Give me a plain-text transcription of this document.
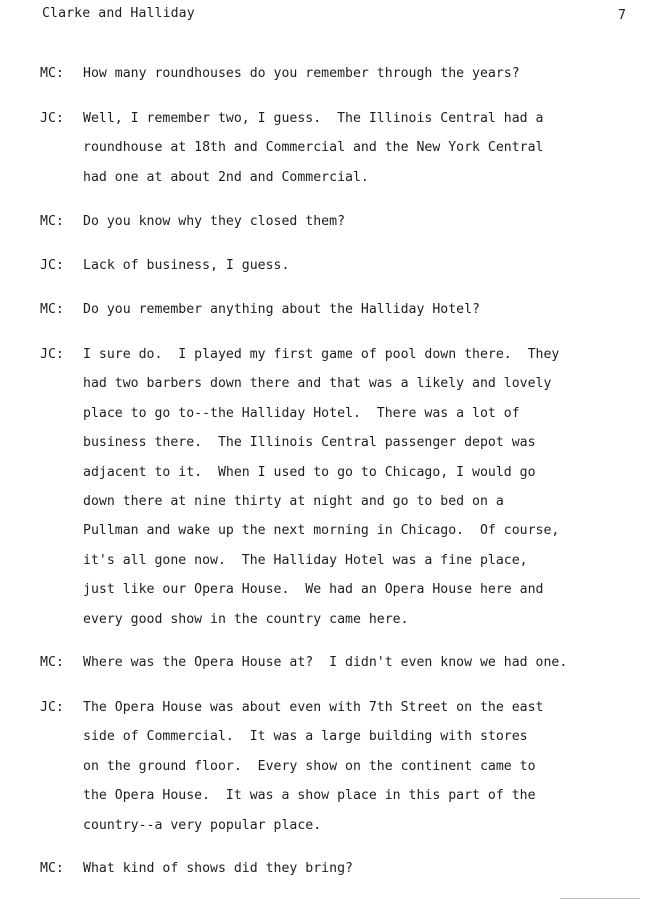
Clarke and Halliday	7
MC: How many roundhouses do you remember through the years?
JC: Well, I remember two, I guess.  The Illinois Central had a
roundhouse at 18th and Commercial and the New York Central
had one at about 2nd and Commercial.
MC: Do you know why they closed them?
JC: Lack of business, I guess.
MC: Do you remember anything about the Halliday Hotel?
JC: I sure do.  I played my first game of pool down there.  They
had two barbers down there and that was a likely and lovely
place to go to--the Halliday Hotel.  There was a lot of
business there.  The Illinois Central passenger depot was
adjacent to it.  When I used to go to Chicago, I would go
down there at nine thirty at night and go to bed on a
Pullman and wake up the next morning in Chicago.  Of course,
it's all gone now.  The Halliday Hotel was a fine place,
just like our Opera House.  We had an Opera House here and
every good show in the country came here.
MC: Where was the Opera House at?  I didn't even know we had one.
JC: The Opera House was about even with 7th Street on the east
side of Commercial.  It was a large building with stores
on the ground floor.  Every show on the continent came to
the Opera House.  It was a show place in this part of the
country--a very popular place.
MC: What kind of shows did they bring?
